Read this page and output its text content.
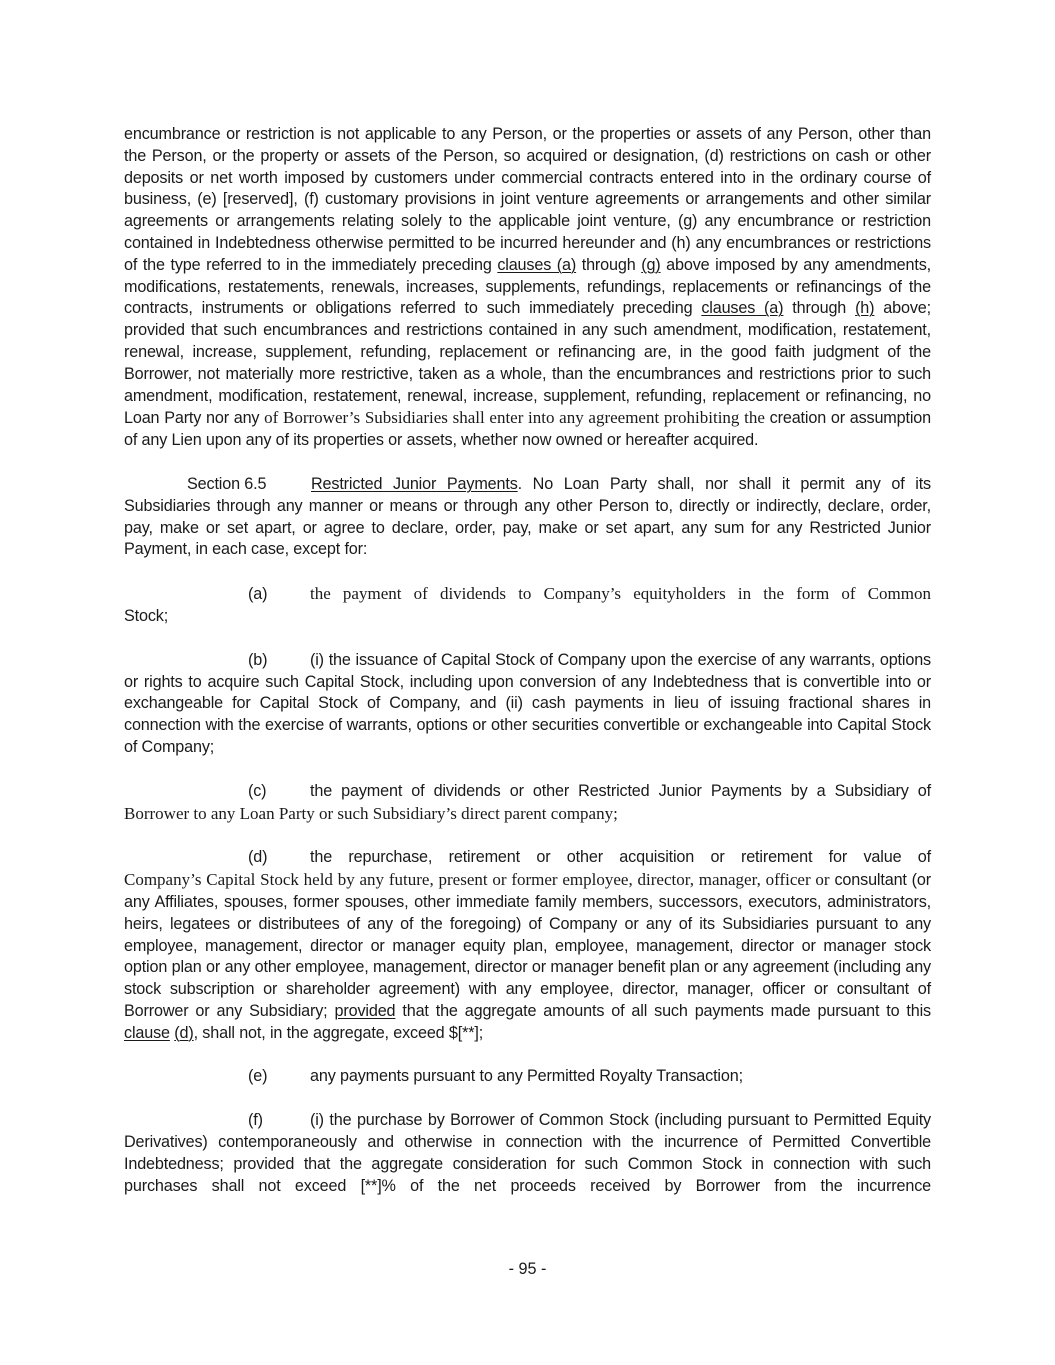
encumbrance or restriction is not applicable to any Person, or the properties or assets of any Person, other than the Person, or the property or assets of the Person, so acquired or designation, (d) restrictions on cash or other deposits or net worth imposed by customers under commercial contracts entered into in the ordinary course of business, (e) [reserved], (f) customary provisions in joint venture agreements or arrangements and other similar agreements or arrangements relating solely to the applicable joint venture, (g) any encumbrance or restriction contained in Indebtedness otherwise permitted to be incurred hereunder and (h) any encumbrances or restrictions of the type referred to in the immediately preceding clauses (a) through (g) above imposed by any amendments, modifications, restatements, renewals, increases, supplements, refundings, replacements or refinancings of the contracts, instruments or obligations referred to such immediately preceding clauses (a) through (h) above; provided that such encumbrances and restrictions contained in any such amendment, modification, restatement, renewal, increase, supplement, refunding, replacement or refinancing are, in the good faith judgment of the Borrower, not materially more restrictive, taken as a whole, than the encumbrances and restrictions prior to such amendment, modification, restatement, renewal, increase, supplement, refunding, replacement or refinancing, no Loan Party nor any of Borrower’s Subsidiaries shall enter into any agreement prohibiting the creation or assumption of any Lien upon any of its properties or assets, whether now owned or hereafter acquired.

Section 6.5	Restricted Junior Payments. No Loan Party shall, nor shall it permit any of its Subsidiaries through any manner or means or through any other Person to, directly or indirectly, declare, order, pay, make or set apart, or agree to declare, order, pay, make or set apart, any sum for any Restricted Junior Payment, in each case, except for:

(a)	the payment of dividends to Company’s equityholders in the form of Common

Stock;

(b)	(i) the issuance of Capital Stock of Company upon the exercise of any warrants, options or rights to acquire such Capital Stock, including upon conversion of any Indebtedness that is convertible into or exchangeable for Capital Stock of Company, and (ii) cash payments in lieu of issuing fractional shares in connection with the exercise of warrants, options or other securities convertible or exchangeable into Capital Stock of Company;

(c)	the payment of dividends or other Restricted Junior Payments by a Subsidiary of

Borrower to any Loan Party or such Subsidiary’s direct parent company;

(d)	the repurchase, retirement or other acquisition or retirement for value of

Company’s Capital Stock held by any future, present or former employee, director, manager, officer or consultant (or any Affiliates, spouses, former spouses, other immediate family members, successors, executors, administrators, heirs, legatees or distributees of any of the foregoing) of Company or any of its Subsidiaries pursuant to any employee, management, director or manager equity plan, employee, management, director or manager stock option plan or any other employee, management, director or manager benefit plan or any agreement (including any stock subscription or shareholder agreement) with any employee, director, manager, officer or consultant of Borrower or any Subsidiary; provided that the aggregate amounts of all such payments made pursuant to this clause (d), shall not, in the aggregate, exceed $[**];

(e)	any payments pursuant to any Permitted Royalty Transaction;

(f)	(i) the purchase by Borrower of Common Stock (including pursuant to Permitted Equity Derivatives) contemporaneously and otherwise in connection with the incurrence of Permitted Convertible Indebtedness; provided that the aggregate consideration for such Common Stock in connection with such purchases shall not exceed [**]% of the net proceeds received by Borrower from the incurrence

- 95 -
